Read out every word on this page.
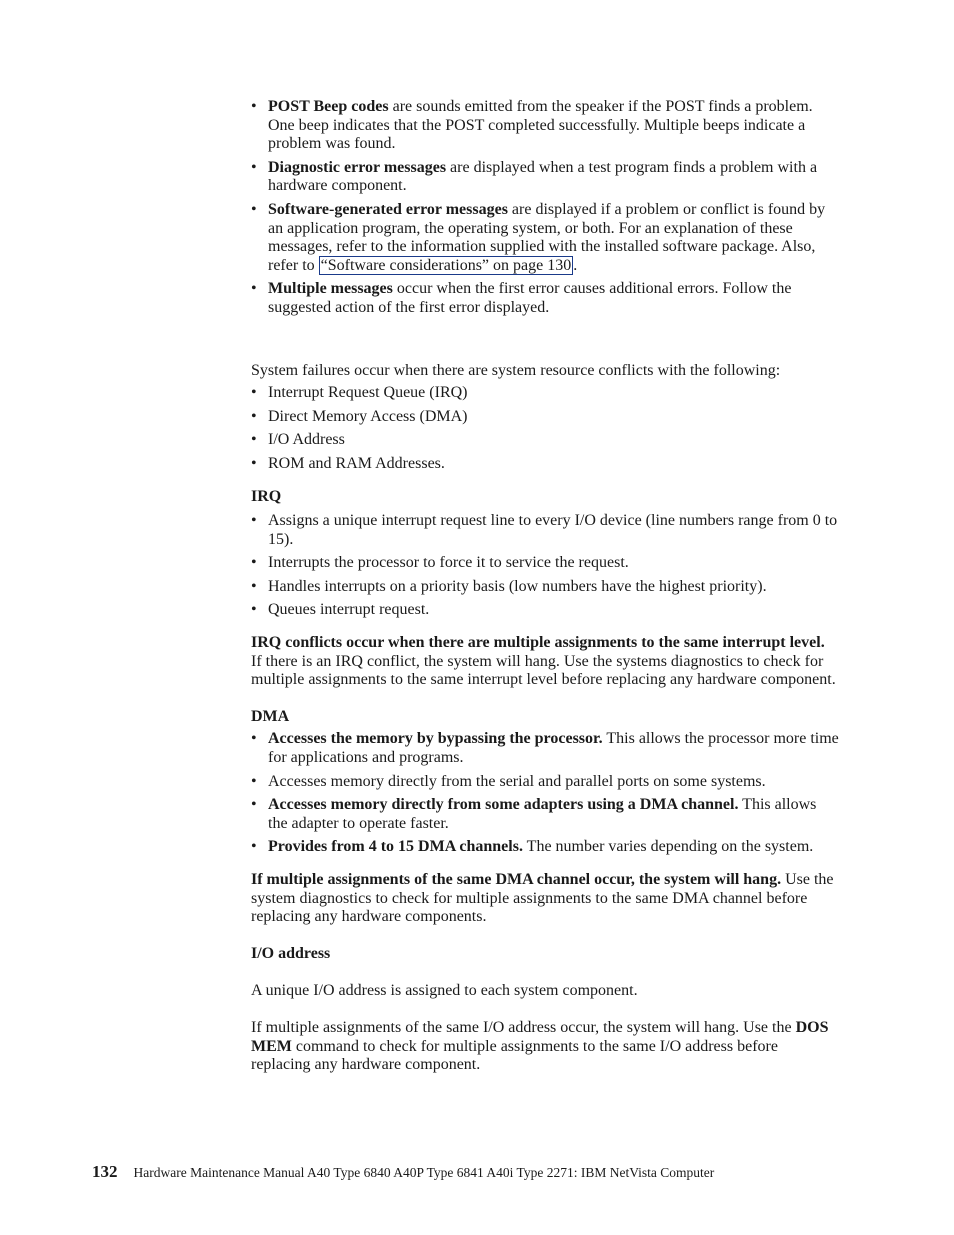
• POST Beep codes are sounds emitted from the speaker if the POST finds a problem. One beep indicates that the POST completed successfully. Multiple beeps indicate a problem was found.
• Diagnostic error messages are displayed when a test program finds a problem with a hardware component.
• Software-generated error messages are displayed if a problem or conflict is found by an application program, the operating system, or both. For an explanation of these messages, refer to the information supplied with the installed software package. Also, refer to “Software considerations” on page 130 .
• Multiple messages occur when the first error causes additional errors. Follow the suggested action of the first error displayed.

System failures occur when there are system resource conflicts with the following:

• Interrupt Request Queue (IRQ)
• Direct Memory Access (DMA)
• I/O Address
• ROM and RAM Addresses.
IRQ
• Assigns a unique interrupt request line to every I/O device (line numbers range from 0 to 15).
• Interrupts the processor to force it to service the request.
• Handles interrupts on a priority basis (low numbers have the highest priority).
• Queues interrupt request.

IRQ conflicts occur when there are multiple assignments to the same interrupt level. If there is an IRQ conflict, the system will hang. Use the systems diagnostics to check for multiple assignments to the same interrupt level before replacing any hardware component.

DMA
• Accesses the memory by bypassing the processor. This allows the processor more time for applications and programs.
• Accesses memory directly from the serial and parallel ports on some systems.
• Accesses memory directly from some adapters using a DMA channel. This allows the adapter to operate faster.
• Provides from 4 to 15 DMA channels. The number varies depending on the system.

If multiple assignments of the same DMA channel occur, the system will hang. Use the system diagnostics to check for multiple assignments to the same DMA channel before replacing any hardware components.

I/O address

A unique I/O address is assigned to each system component.

If multiple assignments of the same I/O address occur, the system will hang. Use the DOS MEM command to check for multiple assignments to the same I/O address before replacing any hardware component.

132 Hardware Maintenance Manual A40 Type 6840 A40P Type 6841 A40i Type 2271: IBM NetVista Computer
